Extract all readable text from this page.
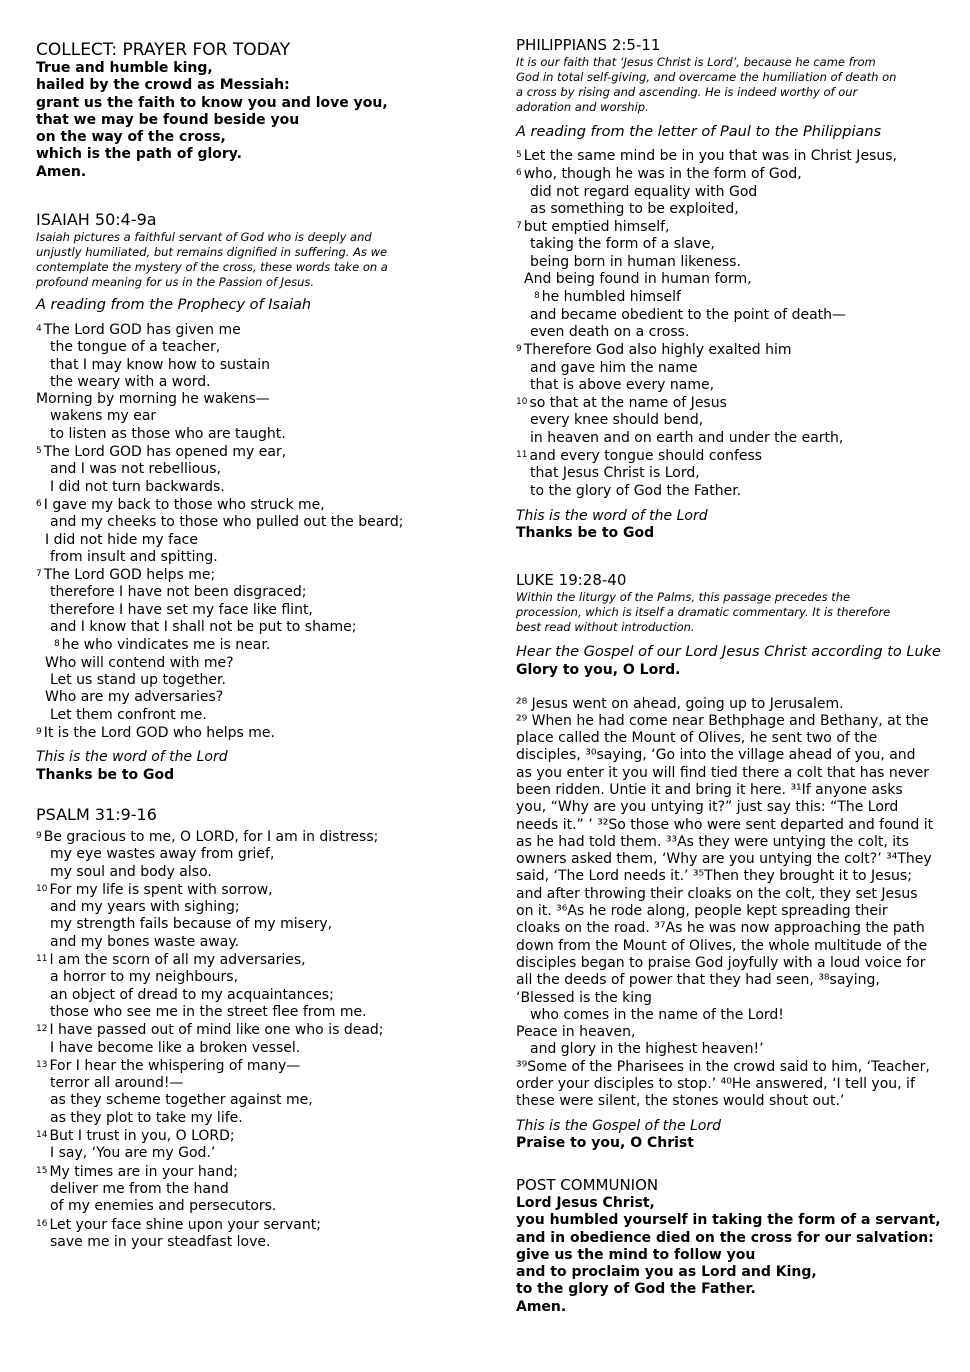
COLLECT: PRAYER FOR TODAY
True and humble king,
hailed by the crowd as Messiah:
grant us the faith to know you and love you,
that we may be found beside you
on the way of the cross,
which is the path of glory.
Amen.
ISAIAH 50:4-9a
Isaiah pictures a faithful servant of God who is deeply and
unjustly humiliated, but remains dignified in suffering. As we
contemplate the mystery of the cross, these words take on a
profound meaning for us in the Passion of Jesus.
A reading from the Prophecy of Isaiah
$^4$ The Lord GOD has given me
the tongue of a teacher,
that I may know how to sustain
the weary with a word.
Morning by morning he wakens—
wakens my ear
to listen as those who are taught.
$^5$ The Lord GOD has opened my ear,
and I was not rebellious,
I did not turn backwards.
$^6$ I gave my back to those who struck me,
and my cheeks to those who pulled out the beard;
I did not hide my face
from insult and spitting.
$^7$ The Lord GOD helps me;
therefore I have not been disgraced;
therefore I have set my face like flint,
and I know that I shall not be put to shame;
$^8$ he who vindicates me is near.
Who will contend with me?
Let us stand up together.
Who are my adversaries?
Let them confront me.
$^9$ It is the Lord GOD who helps me.
This is the word of the Lord
Thanks be to God
PSALM 31:9-16
$^9$ Be gracious to me, O LORD, for I am in distress;
my eye wastes away from grief,
my soul and body also.
$^{10}$ For my life is spent with sorrow,
and my years with sighing;
my strength fails because of my misery,
and my bones waste away.
$^{11}$ I am the scorn of all my adversaries,
a horror to my neighbours,
an object of dread to my acquaintances;
those who see me in the street flee from me.
$^{12}$ I have passed out of mind like one who is dead;
I have become like a broken vessel.
$^{13}$ For I hear the whispering of many—
terror all around!—
as they scheme together against me,
as they plot to take my life.
$^{14}$ But I trust in you, O LORD;
I say, ‘You are my God.’
$^{15}$ My times are in your hand;
deliver me from the hand
of my enemies and persecutors.
$^{16}$ Let your face shine upon your servant;
save me in your steadfast love.
PHILIPPIANS 2:5-11
It is our faith that ‘Jesus Christ is Lord’, because he came from
God in total self-giving, and overcame the humiliation of death on
a cross by rising and ascending. He is indeed worthy of our
adoration and worship.
A reading from the letter of Paul to the Philippians
$^5$ Let the same mind be in you that was in Christ Jesus,
$^6$ who, though he was in the form of God,
did not regard equality with God
as something to be exploited,
$^7$ but emptied himself,
taking the form of a slave,
being born in human likeness.
And being found in human form,
$^8$ he humbled himself
and became obedient to the point of death—
even death on a cross.
$^9$ Therefore God also highly exalted him
and gave him the name
that is above every name,
$^{10}$ so that at the name of Jesus
every knee should bend,
in heaven and on earth and under the earth,
$^{11}$ and every tongue should confess
that Jesus Christ is Lord,
to the glory of God the Father.
This is the word of the Lord
Thanks be to God
LUKE 19:28-40
Within the liturgy of the Palms, this passage precedes the
procession, which is itself a dramatic commentary. It is therefore
best read without introduction.
Hear the Gospel of our Lord Jesus Christ according to Luke
Glory to you, O Lord.
²⁸ Jesus went on ahead, going up to Jerusalem.
²⁹ When he had come near Bethphage and Bethany, at the
place called the Mount of Olives, he sent two of the
disciples, ³⁰saying, ‘Go into the village ahead of you, and
as you enter it you will find tied there a colt that has never
been ridden. Untie it and bring it here. ³¹If anyone asks
you, “Why are you untying it?” just say this: “The Lord
needs it.” ’ ³²So those who were sent departed and found it
as he had told them. ³³As they were untying the colt, its
owners asked them, ‘Why are you untying the colt?’ ³⁴They
said, ‘The Lord needs it.’ ³⁵Then they brought it to Jesus;
and after throwing their cloaks on the colt, they set Jesus
on it. ³⁶As he rode along, people kept spreading their
cloaks on the road. ³⁷As he was now approaching the path
down from the Mount of Olives, the whole multitude of the
disciples began to praise God joyfully with a loud voice for
all the deeds of power that they had seen, ³⁸saying,
‘Blessed is the king
who comes in the name of the Lord!
Peace in heaven,
and glory in the highest heaven!’
³⁹Some of the Pharisees in the crowd said to him, ‘Teacher,
order your disciples to stop.’ ⁴⁰He answered, ‘I tell you, if
these were silent, the stones would shout out.’
This is the Gospel of the Lord
Praise to you, O Christ
POST COMMUNION
Lord Jesus Christ,
you humbled yourself in taking the form of a servant,
and in obedience died on the cross for our salvation:
give us the mind to follow you
and to proclaim you as Lord and King,
to the glory of God the Father.
Amen.
